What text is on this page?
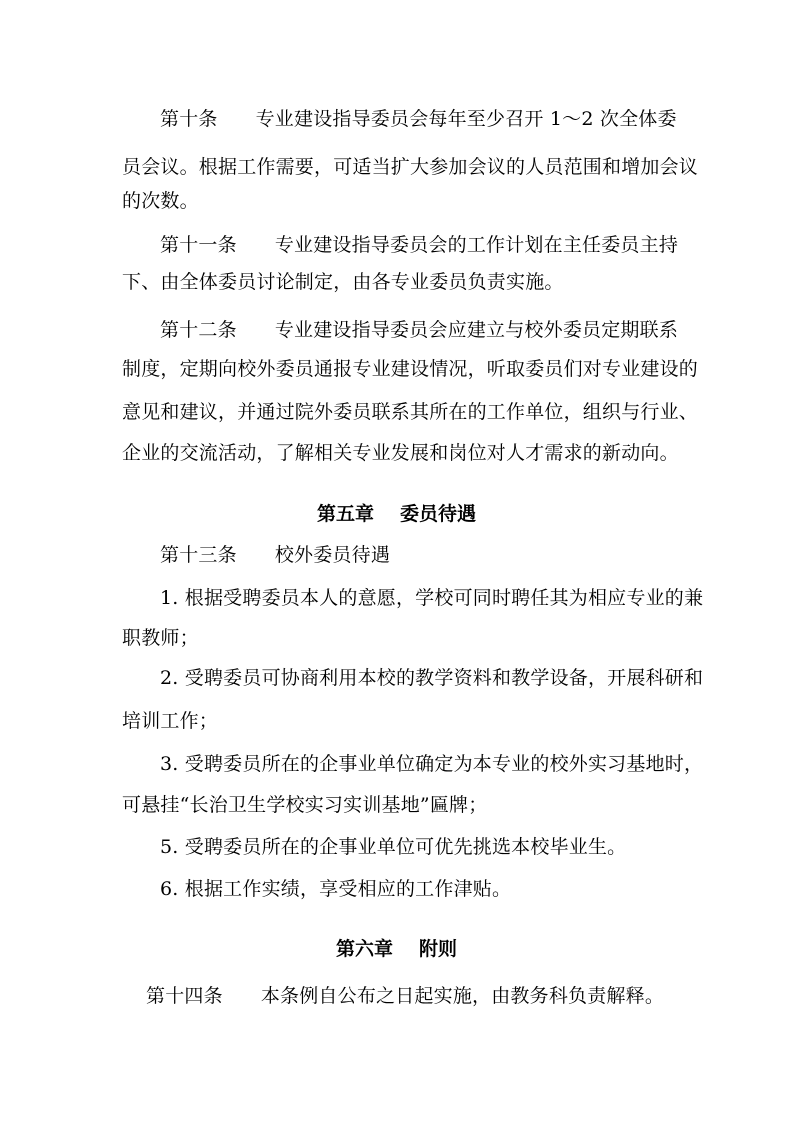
第十条 专业建设指导委员会每年至少召开 1～2 次全体委
员会议。根据工作需要，可适当扩大参加会议的人员范围和增加会议
的次数。
第十一条 专业建设指导委员会的工作计划在主任委员主持
下、由全体委员讨论制定，由各专业委员负责实施。
第十二条 专业建设指导委员会应建立与校外委员定期联系
制度，定期向校外委员通报专业建设情况，听取委员们对专业建设的
意见和建议，并通过院外委员联系其所在的工作单位，组织与行业、
企业的交流活动，了解相关专业发展和岗位对人才需求的新动向。
第五章 委员待遇
第十三条 校外委员待遇
1. 根据受聘委员本人的意愿，学校可同时聘任其为相应专业的兼
职教师；
2. 受聘委员可协商利用本校的教学资料和教学设备，开展科研和
培训工作；
3. 受聘委员所在的企事业单位确定为本专业的校外实习基地时，
可悬挂“长治卫生学校实习实训基地”匾牌；
5. 受聘委员所在的企事业单位可优先挑选本校毕业生。
6. 根据工作实绩，享受相应的工作津贴。
第六章 附则
第十四条 本条例自公布之日起实施，由教务科负责解释。
